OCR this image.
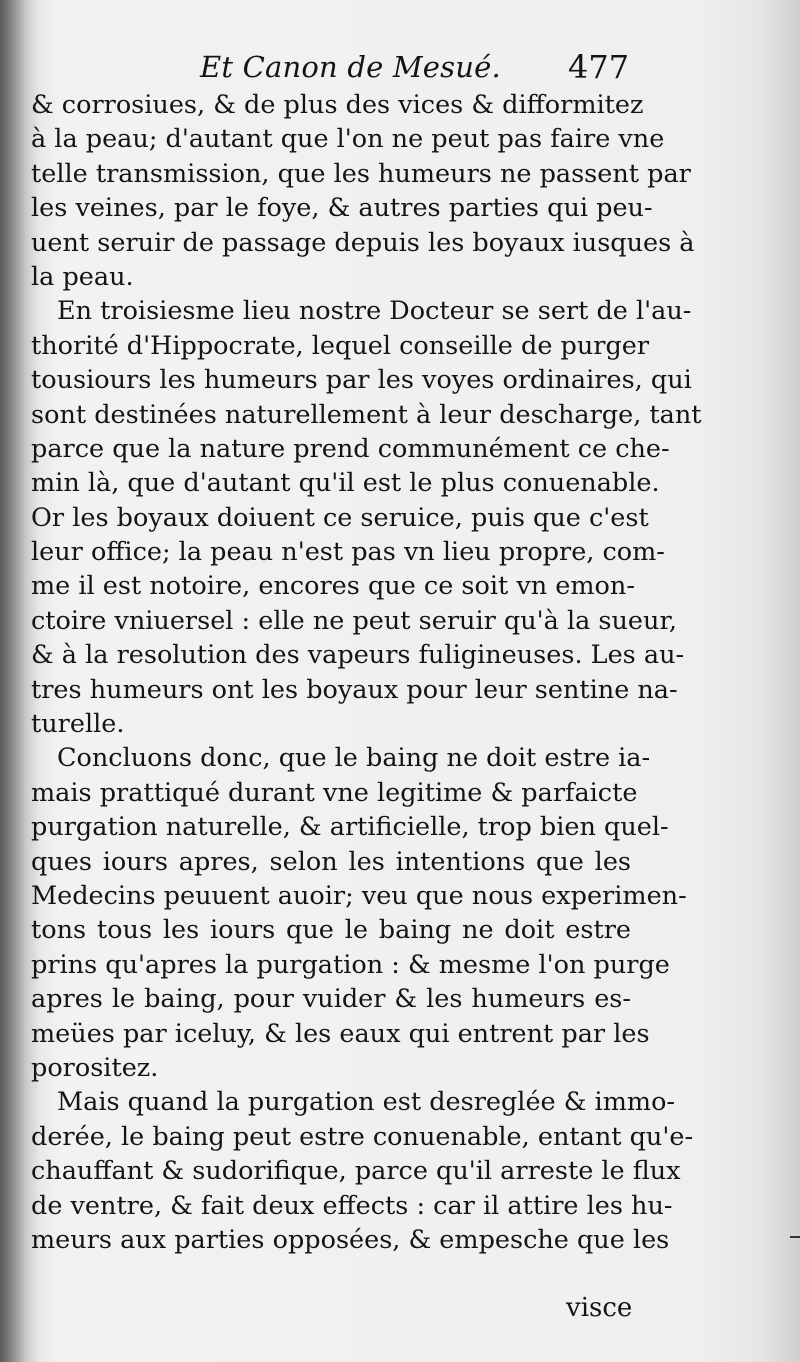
Et Canon de Mesué. 477
& corrosiues, & de plus des vices & difformitez
à la peau; d'autant que l'on ne peut pas faire vne
telle transmission, que les humeurs ne passent par
les veines, par le foye, & autres parties qui peu-
uent seruir de passage depuis les boyaux iusques à
la peau.
En troisiesme lieu nostre Docteur se sert de l'au-
thorité d'Hippocrate, lequel conseille de purger
tousiours les humeurs par les voyes ordinaires, qui
sont destinées naturellement à leur descharge, tant
parce que la nature prend communément ce che-
min là, que d'autant qu'il est le plus conuenable.
Or les boyaux doiuent ce seruice, puis que c'est
leur office; la peau n'est pas vn lieu propre, com-
me il est notoire, encores que ce soit vn emon-
ctoire vniuersel : elle ne peut seruir qu'à la sueur,
& à la resolution des vapeurs fuligineuses. Les au-
tres humeurs ont les boyaux pour leur sentine na-
turelle.
Concluons donc, que le baing ne doit estre ia-
mais prattiqué durant vne legitime & parfaicte
purgation naturelle, & artificielle, trop bien quel-
ques iours apres, selon les intentions que les
Medecins peuuent auoir; veu que nous experimen-
tons tous les iours que le baing ne doit estre
prins qu'apres la purgation : & mesme l'on purge
apres le baing, pour vuider & les humeurs es-
meües par iceluy, & les eaux qui entrent par les
porositez.
Mais quand la purgation est desreglée & immo-
derée, le baing peut estre conuenable, entant qu'e-
chauffant & sudorifique, parce qu'il arreste le flux
de ventre, & fait deux effects : car il attire les hu-
meurs aux parties opposées, & empesche que les
visce
